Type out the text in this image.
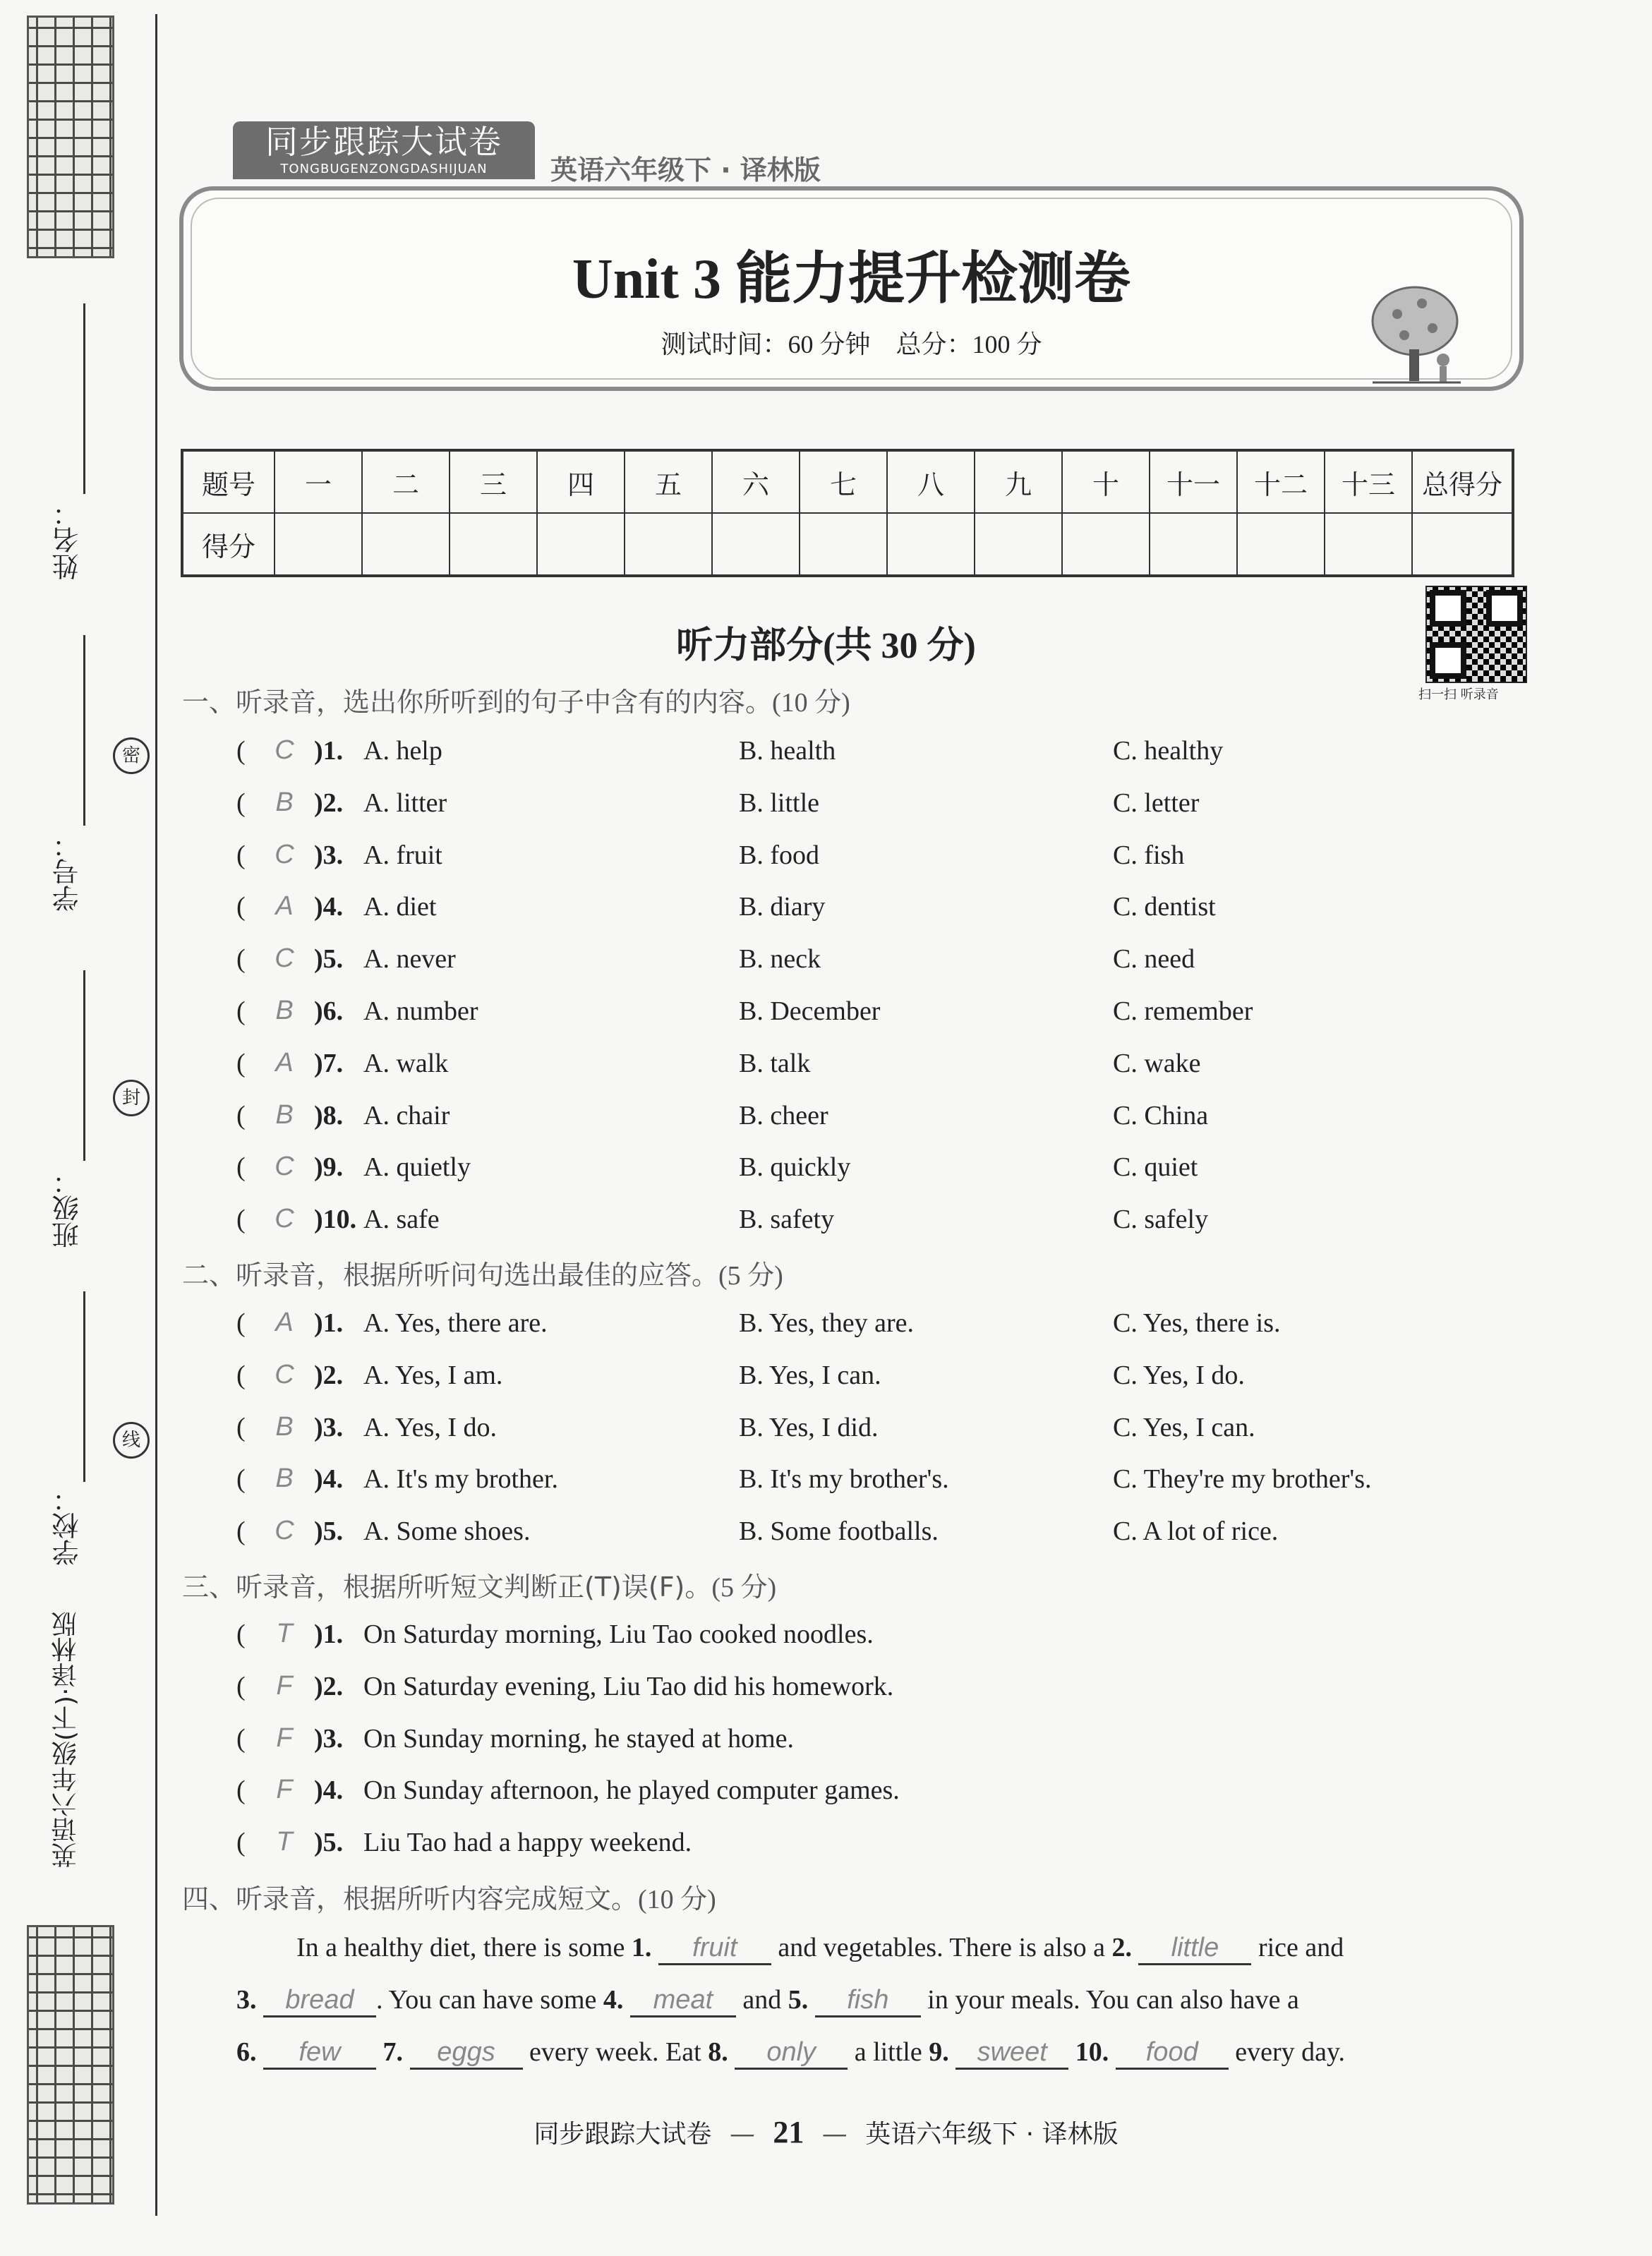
姓名：
学号：
班级：
学校：
密
封
线
英语六年级(下)·译林版
同步跟踪大试卷
TONGBUGENZONGDASHIJUAN	英语六年级下 · 译林版
Unit 3 能力提升检测卷
测试时间：60 分钟　总分：100 分
题号	一	二	三	四	五	六	七	八	九	十	十一	十二	十三	总得分
得分														
扫一扫 听录音
听力部分(共 30 分)
一、听录音，选出你所听到的句子中含有的内容。(10 分)
( C )1. A. help	B. health	C. healthy
( B )2. A. litter	B. little	C. letter
( C )3. A. fruit	B. food	C. fish
( A )4. A. diet	B. diary	C. dentist
( C )5. A. never	B. neck	C. need
( B )6. A. number	B. December	C. remember
( A )7. A. walk	B. talk	C. wake
( B )8. A. chair	B. cheer	C. China
( C )9. A. quietly	B. quickly	C. quiet
( C )10. A. safe	B. safety	C. safely
( A )1. A. Yes, there are.	B. Yes, they are.	C. Yes, there is.
( C )2. A. Yes, I am.	B. Yes, I can.	C. Yes, I do.
( B )3. A. Yes, I do.	B. Yes, I did.	C. Yes, I can.
( B )4. A. It's my brother.	B. It's my brother's.	C. They're my brother's.
( C )5. A. Some shoes.	B. Some footballs.	C. A lot of rice.
二、听录音，根据所听问句选出最佳的应答。(5 分)
三、听录音，根据所听短文判断正(T)误(F)。(5 分)
( T )1. On Saturday morning, Liu Tao cooked noodles.
( F )2. On Saturday evening, Liu Tao did his homework.
( F )3. On Sunday morning, he stayed at home.
( F )4. On Sunday afternoon, he played computer games.
( T )5. Liu Tao had a happy weekend.
四、听录音，根据所听内容完成短文。(10 分)
In a healthy diet, there is some 1. fruit and vegetables. There is also a 2. little rice and
3. bread . You can have some 4. meat and 5. fish in your meals. You can also have a
6. few 7. eggs every week. Eat 8. only a little 9. sweet 10. food every day.
同步跟踪大试卷 — 21 — 英语六年级下 · 译林版
